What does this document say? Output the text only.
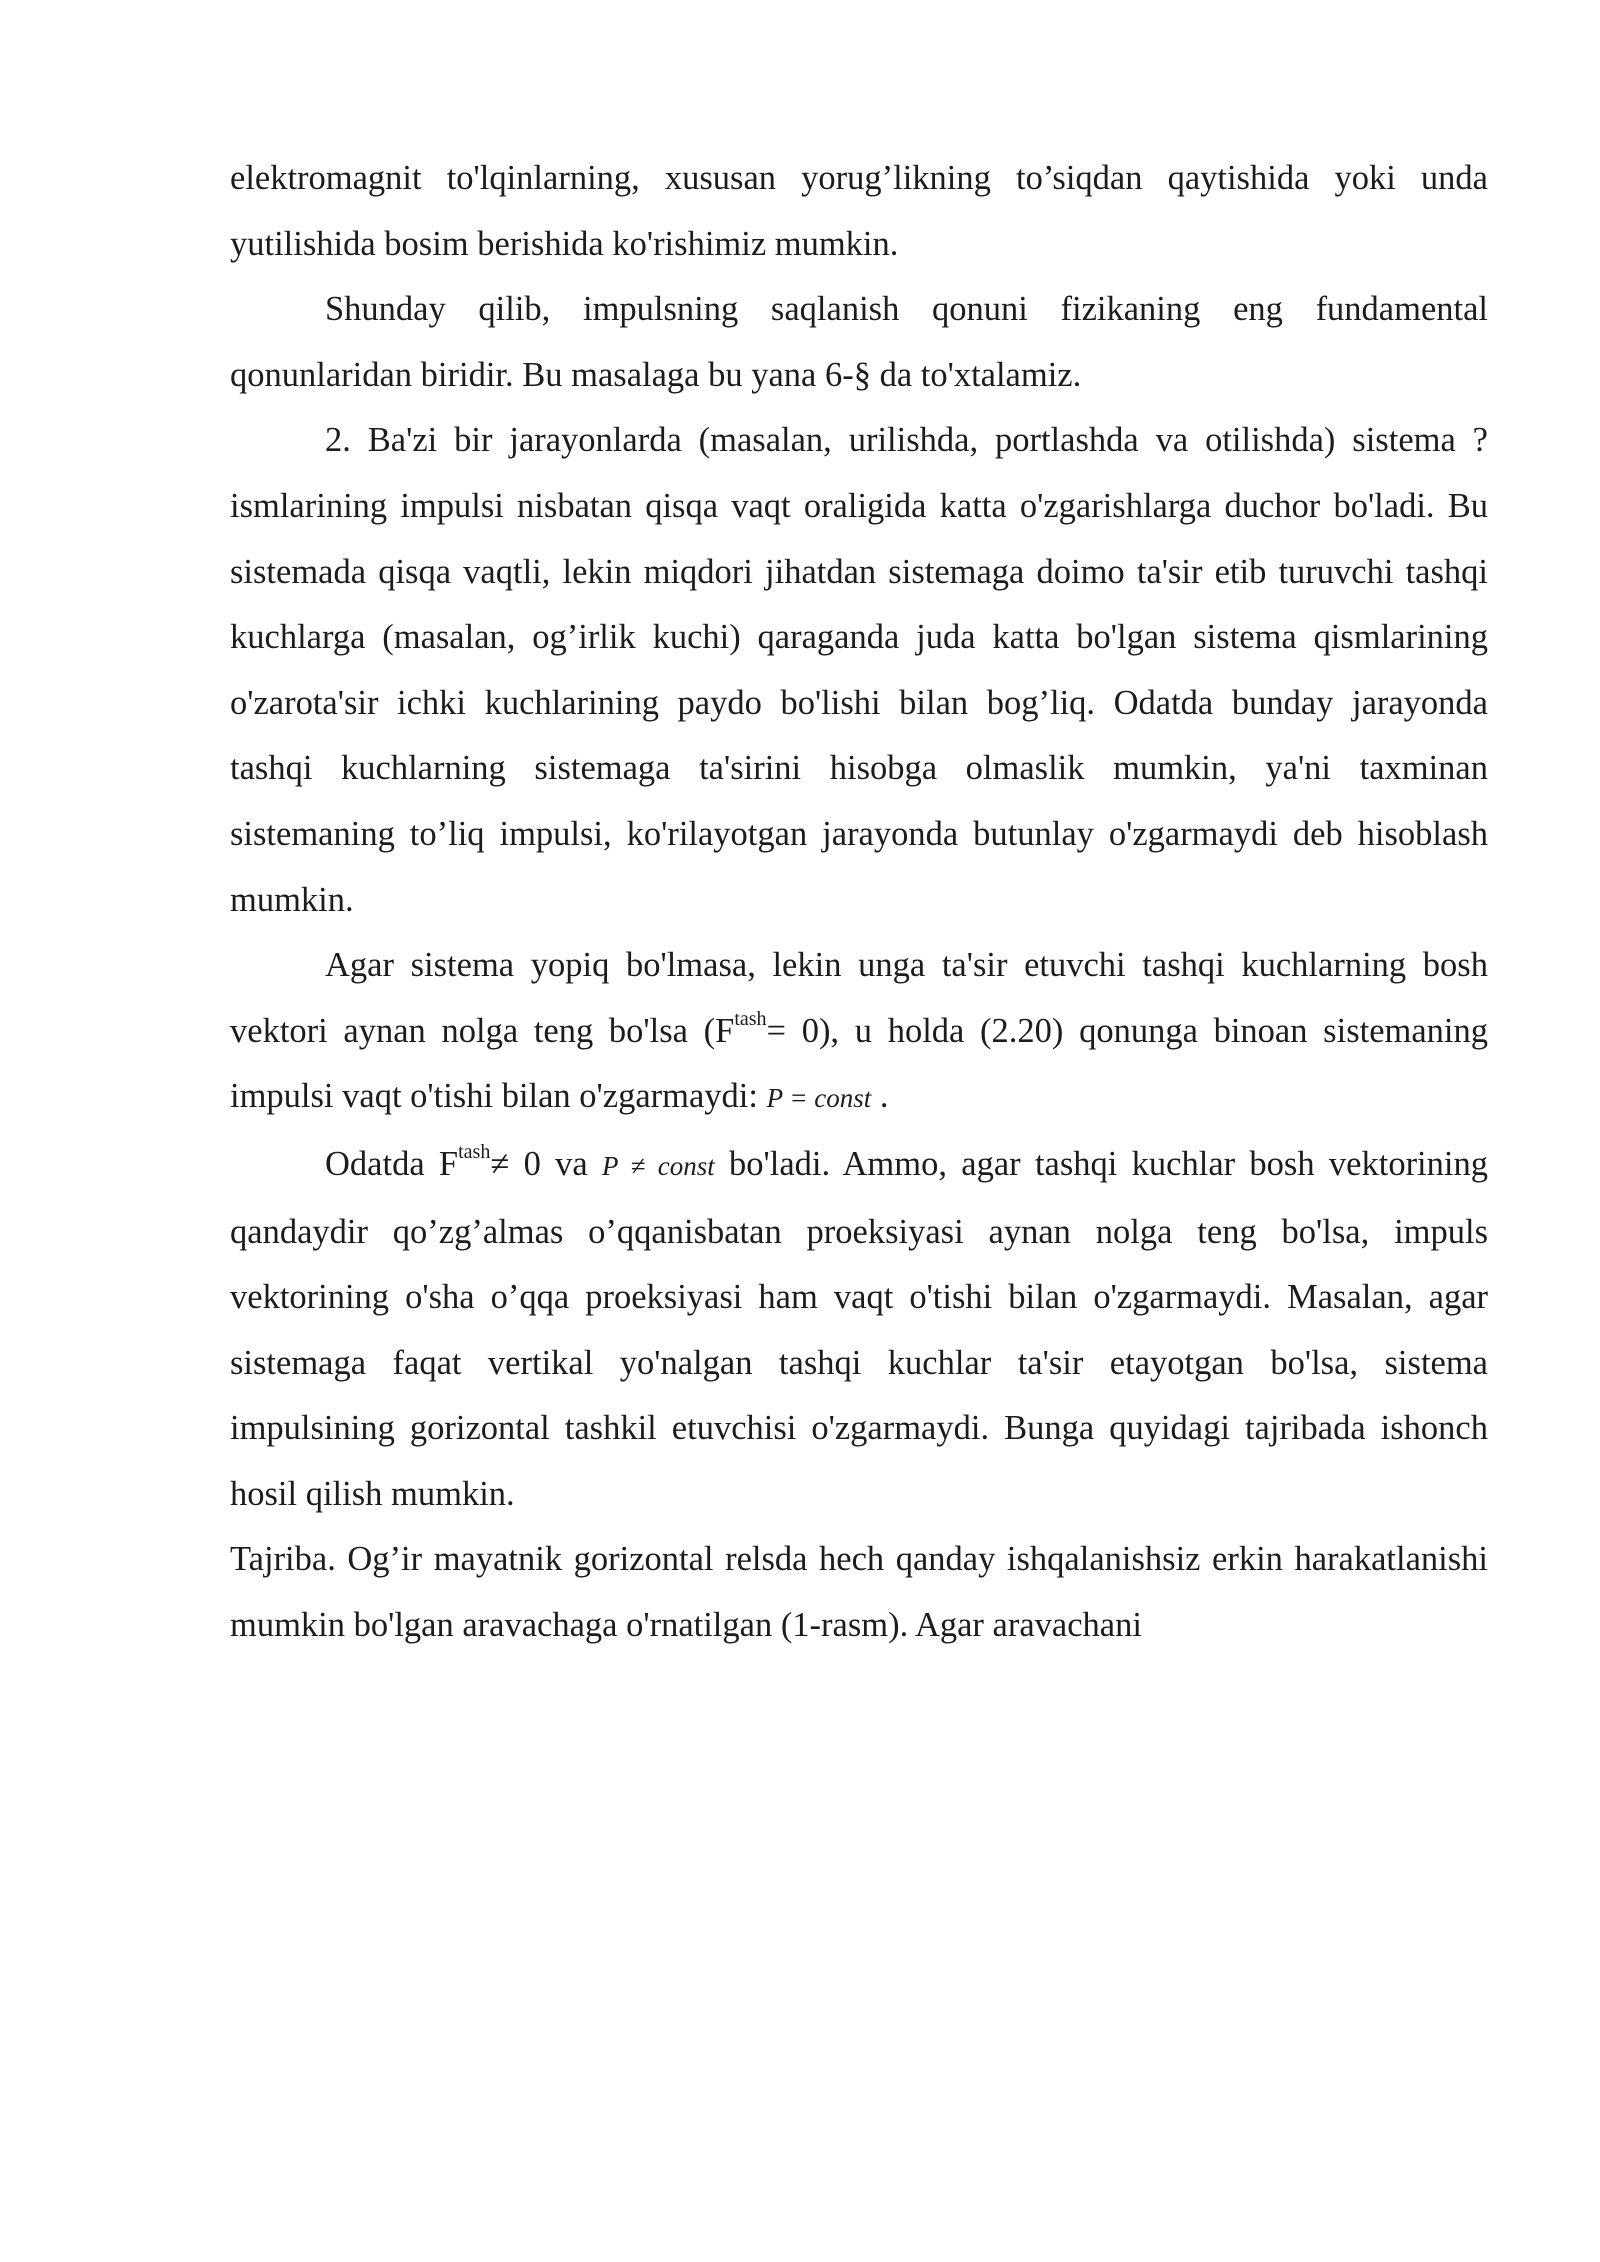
elektromagnit to'lqinlarning, xususan yorug’likning to’siqdan qaytishida yoki unda yutilishida bosim berishida ko'rishimiz mumkin.

Shunday qilib, impulsning saqlanish qonuni fizikaning eng fundamental qonunlaridan biridir. Bu masalaga bu yana 6-§ da to'xtalamiz.

2. Ba'zi bir jarayonlarda (masalan, urilishda, portlashda va otilishda) sistema ?ismlarining impulsi nisbatan qisqa vaqt oraligida katta o'zgarishlarga duchor bo'ladi. Bu sistemada qisqa vaqtli, lekin miqdori jihatdan sistemaga doimo ta'sir etib turuvchi tashqi kuchlarga (masalan, og’irlik kuchi) qaraganda juda katta bo'lgan sistema qismlarining o'zarota'sir ichki kuchlarining paydo bo'lishi bilan bog’liq. Odatda bunday jarayonda tashqi kuchlarning sistemaga ta'sirini hisobga olmaslik mumkin, ya'ni taxminan sistemaning to’liq impulsi, ko'rilayotgan jarayonda butunlay o'zgarmaydi deb hisoblash mumkin.

Agar sistema yopiq bo'lmasa, lekin unga ta'sir etuvchi tashqi kuchlarning bosh vektori aynan nolga teng bo'lsa $(F^{tash}= 0)$, u holda (2.20) qonunga binoan sistemaning impulsi vaqt o'tishi bilan o'zgarmaydi: P = const .

Odatda $F^{tash}\ne 0$ va P ≠ const bo'ladi. Ammo, agar tashqi kuchlar bosh vektorining qandaydir qo’zg’almas o’qqanisbatan proeksiyasi aynan nolga teng bo'lsa, impuls vektorining o'sha o’qqa proeksiyasi ham vaqt o'tishi bilan o'zgarmaydi. Masalan, agar sistemaga faqat vertikal yo'nalgan tashqi kuchlar ta'sir etayotgan bo'lsa, sistema impulsining gorizontal tashkil etuvchisi o'zgarmaydi. Bunga quyidagi tajribada ishonch hosil qilish mumkin.

Tajriba. Og’ir mayatnik gorizontal relsda hech qanday ishqalanishsiz erkin harakatlanishi mumkin bo'lgan aravachaga o'rnatilgan (1-rasm). Agar aravachani
